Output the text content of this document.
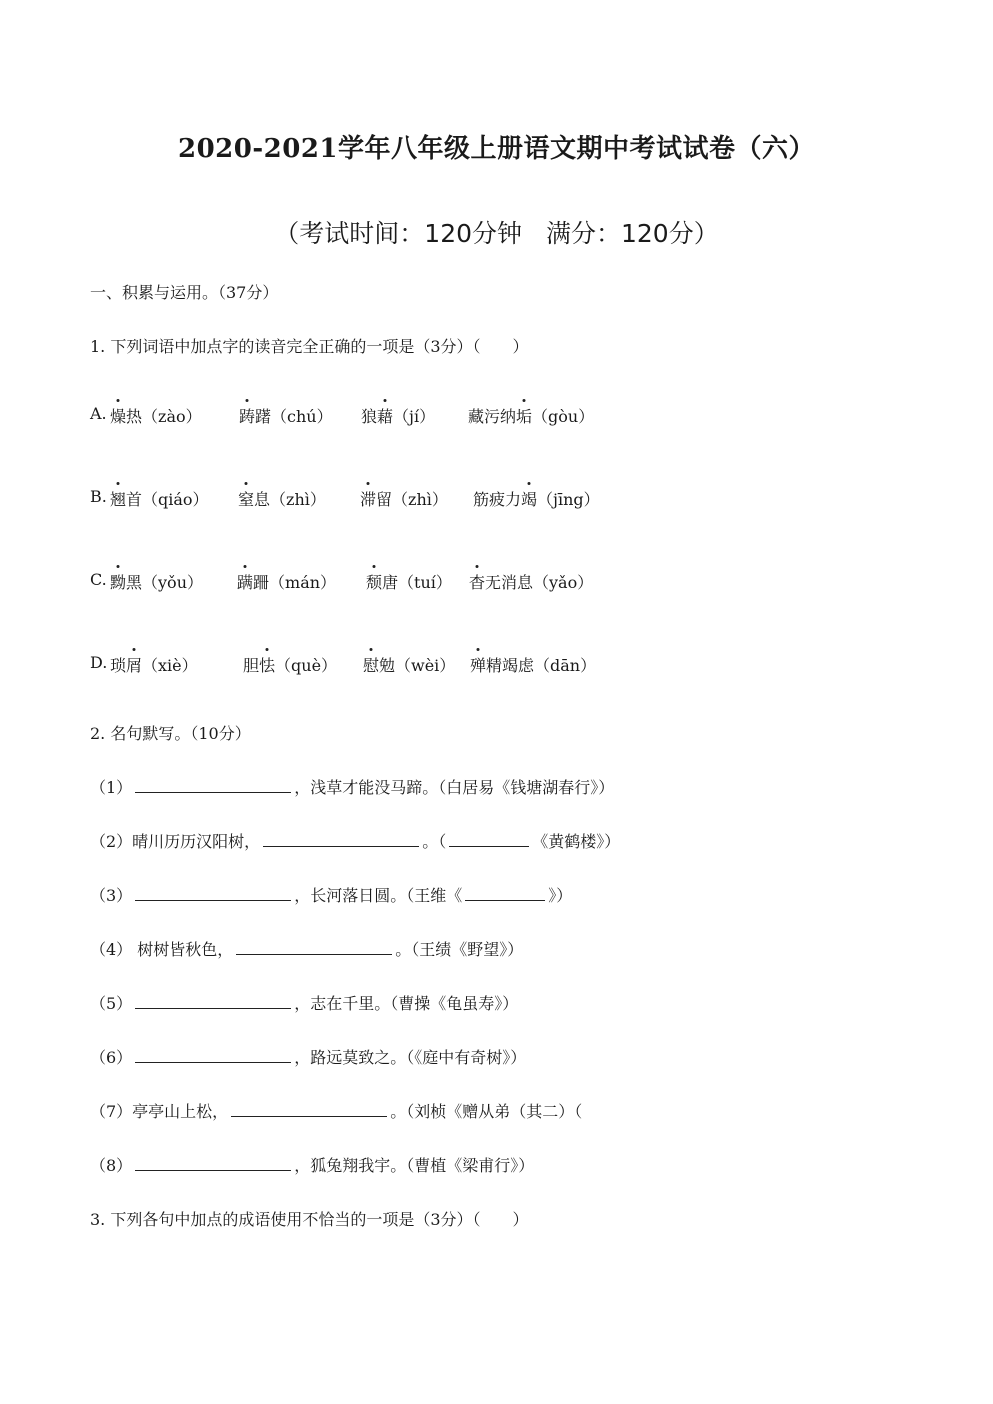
2020-2021学年八年级上册语文期中考试试卷（六）
（考试时间：120分钟 满分：120分）
一、积累与运用。（37分）
1. 下列词语中加点字的读音完全正确的一项是（3分）（　　）
A. 燥热（zào） 踌躇（chú） 狼藉（jí） 藏污纳垢（gòu）
B. 翘首（qiáo） 窒息（zhì） 滞留（zhì） 筋疲力竭（jīng）
C. 黝黑（yǒu） 蹒跚（mán） 颓唐（tuí） 杳无消息（yǎo）
D. 琐屑（xiè）	胆怯（què） 慰勉（wèi） 殚精竭虑（dān）
2. 名句默写。（10分）
（1）	，浅草才能没马蹄。（白居易《钱塘湖春行》）
（2）晴川历历汉阳树，	。（	《黄鹤楼》）
（3）	，长河落日圆。（王维《	》）
（4） 树树皆秋色，	。（王绩《野望》）
（5）	，志在千里。（曹操《龟虽寿》）
（6）	，路远莫致之。（《庭中有奇树》）
（7）亭亭山上松，	。（刘桢《赠从弟（其二）（
（8）	，狐兔翔我宇。（曹植《梁甫行》）
3. 下列各句中加点的成语使用不恰当的一项是（3分）（　　）
